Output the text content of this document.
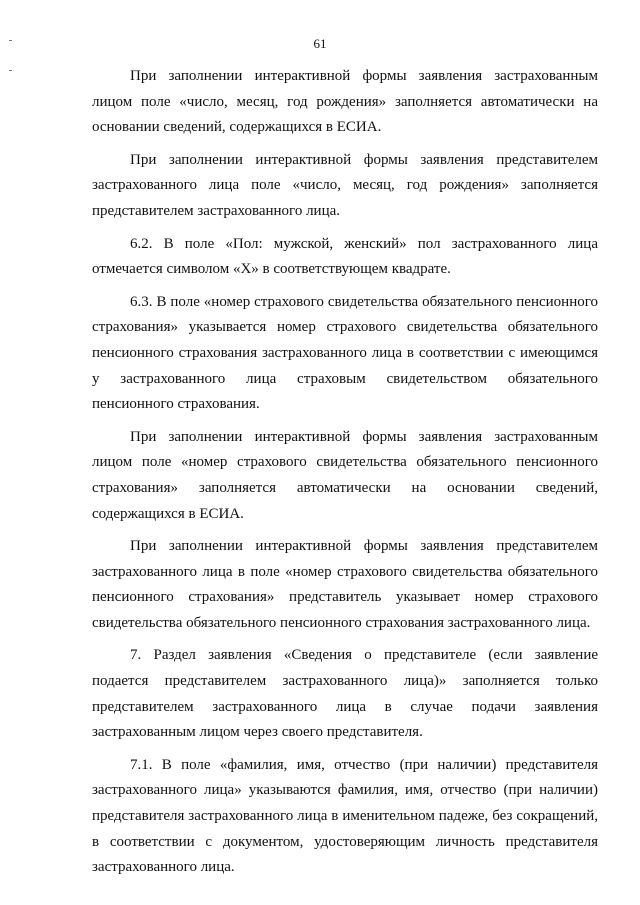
61

При заполнении интерактивной формы заявления застрахованным лицом поле «число, месяц, год рождения» заполняется автоматически на основании сведений, содержащихся в ЕСИА.

При заполнении интерактивной формы заявления представителем застрахованного лица поле «число, месяц, год рождения» заполняется представителем застрахованного лица.

6.2. В поле «Пол: мужской, женский» пол застрахованного лица отмечается символом «Х» в соответствующем квадрате.

6.3. В поле «номер страхового свидетельства обязательного пенсионного страхования» указывается номер страхового свидетельства обязательного пенсионного страхования застрахованного лица в соответствии с имеющимся у застрахованного лица страховым свидетельством обязательного пенсионного страхования.

При заполнении интерактивной формы заявления застрахованным лицом поле «номер страхового свидетельства обязательного пенсионного страхования» заполняется автоматически на основании сведений, содержащихся в ЕСИА.

При заполнении интерактивной формы заявления представителем застрахованного лица в поле «номер страхового свидетельства обязательного пенсионного страхования» представитель указывает номер страхового свидетельства обязательного пенсионного страхования застрахованного лица.

7. Раздел заявления «Сведения о представителе (если заявление подается представителем застрахованного лица)» заполняется только представителем застрахованного лица в случае подачи заявления застрахованным лицом через своего представителя.

7.1. В поле «фамилия, имя, отчество (при наличии) представителя застрахованного лица» указываются фамилия, имя, отчество (при наличии) представителя застрахованного лица в именительном падеже, без сокращений, в соответствии с документом, удостоверяющим личность представителя застрахованного лица.
